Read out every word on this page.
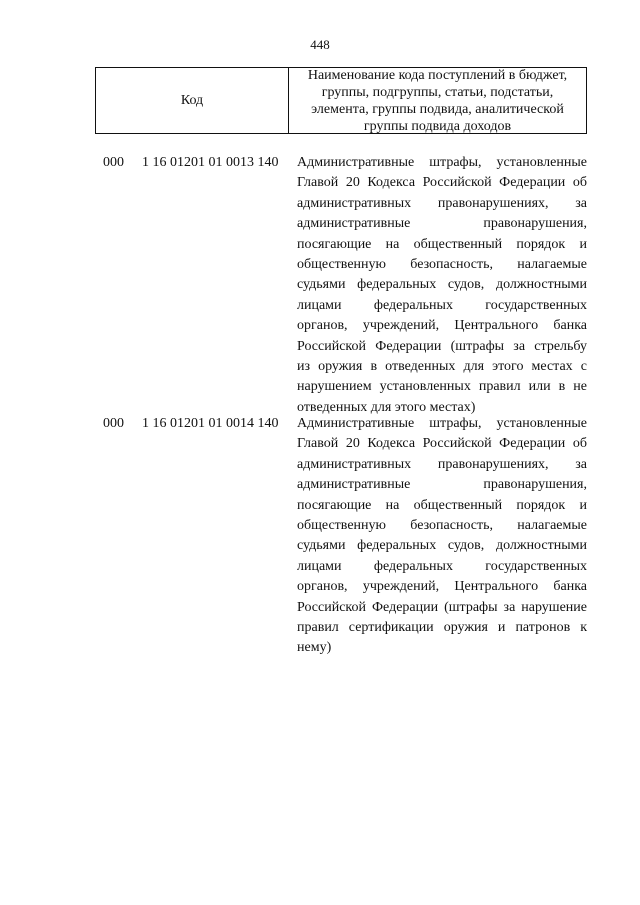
448
Код
Наименование кода поступлений в бюджет, группы, подгруппы, статьи, подстатьи, элемента, группы подвида, аналитической группы подвида доходов
000 1 16 01201 01 0013 140 Административные штрафы, установленные
Главой 20 Кодекса Российской Федерации об
административных правонарушениях, за
административные правонарушения,
посягающие на общественный порядок и
общественную безопасность, налагаемые
судьями федеральных судов, должностными
лицами федеральных государственных
органов, учреждений, Центрального банка
Российской Федерации (штрафы за стрельбу
из оружия в отведенных для этого местах с
нарушением установленных правил или в не
отведенных для этого местах)
000 1 16 01201 01 0014 140 Административные штрафы, установленные
Главой 20 Кодекса Российской Федерации об
административных правонарушениях, за
административные правонарушения,
посягающие на общественный порядок и
общественную безопасность, налагаемые
судьями федеральных судов, должностными
лицами федеральных государственных
органов, учреждений, Центрального банка
Российской Федерации (штрафы за нарушение
правил сертификации оружия и патронов к
нему)
